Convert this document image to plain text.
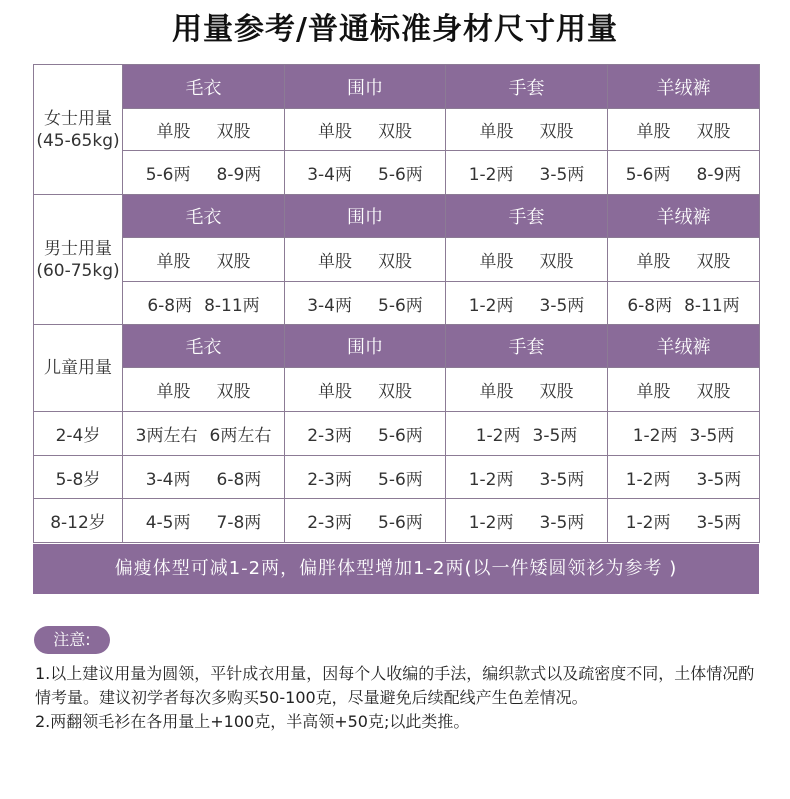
用量参考/普通标准身材尺寸用量
女士用量
(45-65kg)	毛衣	围巾	手套	羊绒裤

	单股 双股	单股 双股	单股 双股	单股 双股

	5-6两 8-9两	3-4两 5-6两	1-2两 3-5两	5-6两 8-9两

男士用量
(60-75kg)	毛衣	围巾	手套	羊绒裤

	单股 双股	单股 双股	单股 双股	单股 双股

	6-8两 8-11两	3-4两 5-6两	1-2两 3-5两	6-8两 8-11两

儿童用量	毛衣	围巾	手套	羊绒裤

	单股 双股	单股 双股	单股 双股	单股 双股

2-4岁	3两左右 6两左右	2-3两 5-6两	1-2两 3-5两	1-2两 3-5两

5-8岁	3-4两 6-8两	2-3两 5-6两	1-2两 3-5两	1-2两 3-5两

8-12岁	4-5两 7-8两	2-3两 5-6两	1-2两 3-5两	1-2两 3-5两
偏瘦体型可减1-2两，偏胖体型增加1-2两(以一件矮圆领衫为参考 )
注意:

1.以上建议用量为圆领，平针成衣用量，因每个人收编的手法，编织款式以及疏密度不同，土体情况酌情考量。建议初学者每次多购买50-100克，尽量避免后续配线产生色差情况。

2.两翻领毛衫在各用量上+100克，半高领+50克;以此类推。
